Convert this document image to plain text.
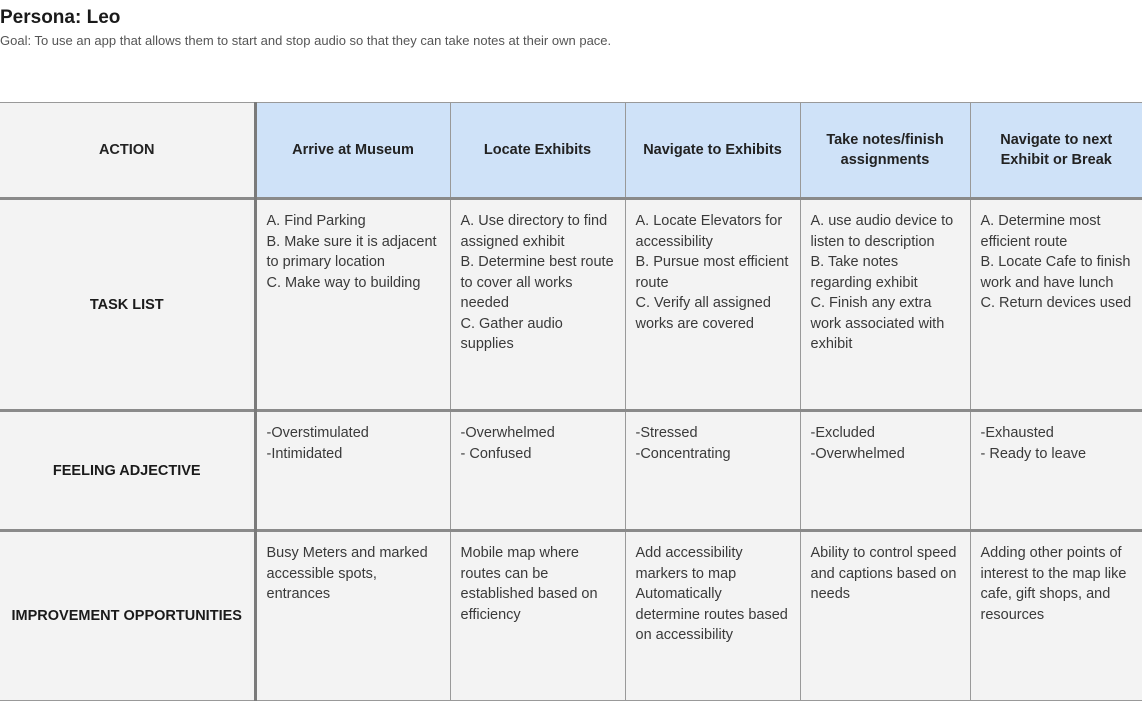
Persona: Leo
Goal: To use an app that allows them to start and stop audio so that they can take notes at their own pace.
ACTION	Arrive at Museum	Locate Exhibits	Navigate to Exhibits	Take notes/finish assignments	Navigate to next Exhibit or Break
TASK LIST	A. Find Parking
B. Make sure it is adjacent to primary location
C. Make way to building	A. Use directory to find assigned exhibit
B. Determine best route to cover all works needed
C. Gather audio supplies	A. Locate Elevators for accessibility
B. Pursue most efficient route
C. Verify all assigned works are covered	A. use audio device to listen to description
B. Take notes regarding exhibit
C. Finish any extra work associated with exhibit	A. Determine most efficient route
B. Locate Cafe to finish work and have lunch
C. Return devices used

FEELING ADJECTIVE	-Overstimulated
-Intimidated	-Overwhelmed
- Confused	-Stressed
-Concentrating	-Excluded
-Overwhelmed	-Exhausted
- Ready to leave

IMPROVEMENT OPPORTUNITIES	Busy Meters and marked accessible spots, entrances	Mobile map where routes can be established based on efficiency	Add accessibility markers to map
Automatically determine routes based on accessibility	Ability to control speed and captions based on needs	Adding other points of interest to the map like cafe, gift shops, and resources
